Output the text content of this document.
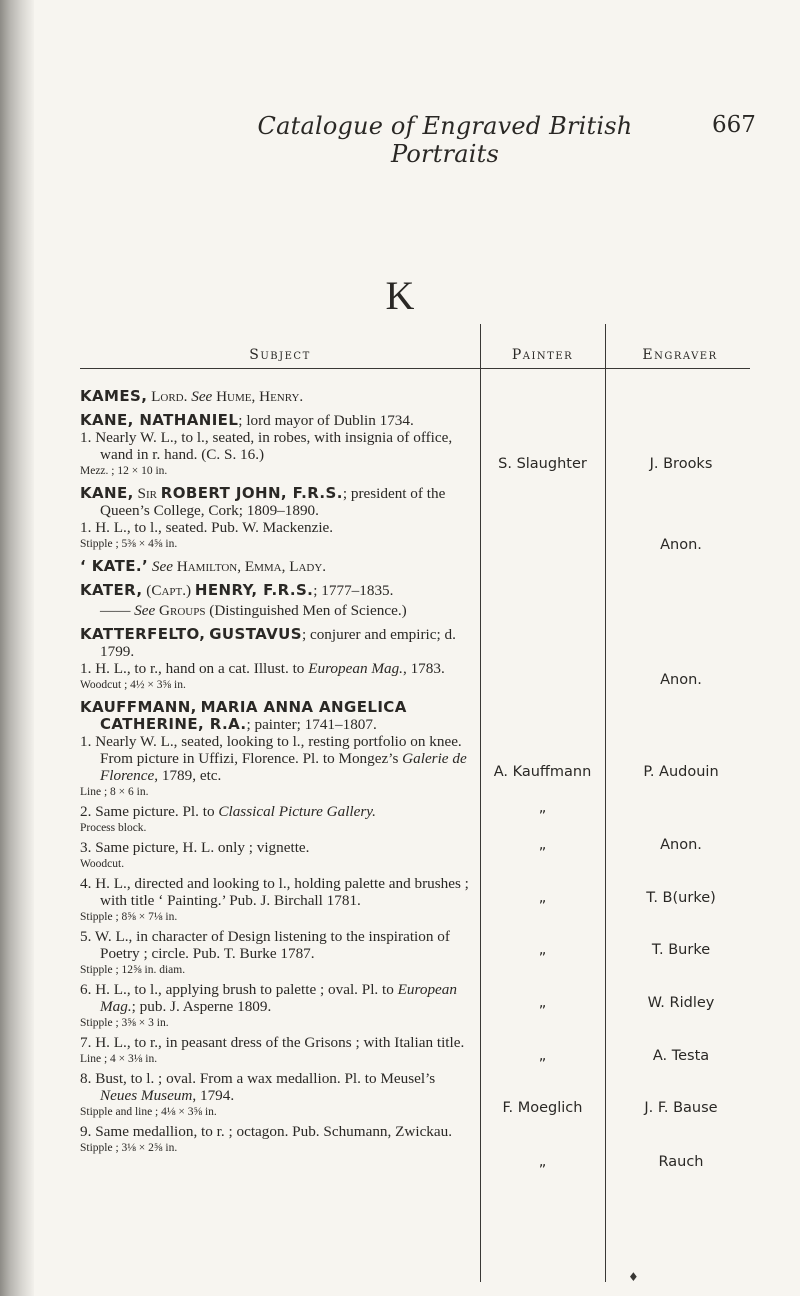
Catalogue of Engraved British Portraits
667
K
Subject	Painter	Engraver
KAMES, Lord. See Hume, Henry.
KANE, NATHANIEL; lord mayor of Dublin 1734.
1. Nearly W. L., to l., seated, in robes, with insignia of office, wand in r. hand. (C. S. 16.)
Mezz. ; 12 × 10 in.
KANE, Sir ROBERT JOHN, F.R.S.; president of the Queen’s College, Cork; 1809–1890.
1. H. L., to l., seated. Pub. W. Mackenzie.
Stipple ; 5⅜ × 4⅝ in.
‘ KATE.’ See Hamilton, Emma, Lady.
KATER, (Capt.) HENRY, F.R.S.; 1777–1835.
—— See Groups (Distinguished Men of Science.)
KATTERFELTO, GUSTAVUS; conjurer and empiric; d. 1799.
1. H. L., to r., hand on a cat. Illust. to European Mag., 1783.
Woodcut ; 4½ × 3⅝ in.
KAUFFMANN, MARIA ANNA ANGELICA CATHERINE, R.A.; painter; 1741–1807.
1. Nearly W. L., seated, looking to l., resting portfolio on knee. From picture in Uffizi, Florence. Pl. to Mongez’s Galerie de Florence, 1789, etc.
Line ; 8 × 6 in.
2. Same picture. Pl. to Classical Picture Gallery.
Process block.
3. Same picture, H. L. only ; vignette.
Woodcut.
4. H. L., directed and looking to l., holding palette and brushes ; with title ‘ Painting.’ Pub. J. Birchall 1781.
Stipple ; 8⅝ × 7⅛ in.
5. W. L., in character of Design listening to the inspiration of Poetry ; circle. Pub. T. Burke 1787.
Stipple ; 12⅝ in. diam.
6. H. L., to l., applying brush to palette ; oval. Pl. to European Mag.; pub. J. Asperne 1809.
Stipple ; 3⅝ × 3 in.
7. H. L., to r., in peasant dress of the Grisons ; with Italian title.
Line ; 4 × 3⅛ in.
8. Bust, to l. ; oval. From a wax medallion. Pl. to Meusel’s Neues Museum, 1794.
Stipple and line ; 4⅛ × 3⅝ in.
9. Same medallion, to r. ; octagon. Pub. Schumann, Zwickau.
Stipple ; 3⅛ × 2⅝ in.
S. Slaughter
A. Kauffmann
„
„
„
„
„
„
F. Moeglich
„
J. Brooks
Anon.
Anon.
P. Audouin
Anon.
T. B(urke)
T. Burke
W. Ridley
A. Testa
J. F. Bause
Rauch
♦
